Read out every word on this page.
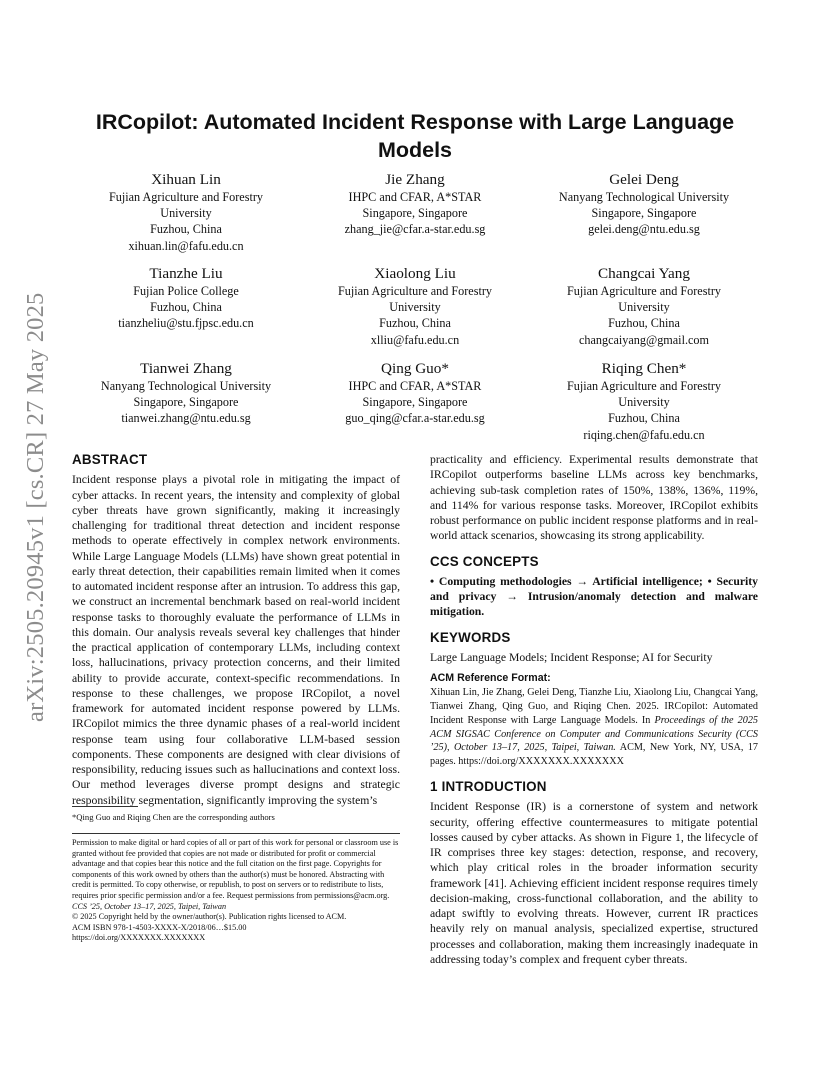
arXiv:2505.20945v1 [cs.CR] 27 May 2025
IRCopilot: Automated Incident Response with Large Language Models
Xihuan Lin
Fujian Agriculture and Forestry
University
Fuzhou, China
xihuan.lin@fafu.edu.cn
Jie Zhang
IHPC and CFAR, A*STAR
Singapore, Singapore
zhang_jie@cfar.a-star.edu.sg
Gelei Deng
Nanyang Technological University
Singapore, Singapore
gelei.deng@ntu.edu.sg
Tianzhe Liu
Fujian Police College
Fuzhou, China
tianzheliu@stu.fjpsc.edu.cn
Xiaolong Liu
Fujian Agriculture and Forestry
University
Fuzhou, China
xlliu@fafu.edu.cn
Changcai Yang
Fujian Agriculture and Forestry
University
Fuzhou, China
changcaiyang@gmail.com
Tianwei Zhang
Nanyang Technological University
Singapore, Singapore
tianwei.zhang@ntu.edu.sg
Qing Guo*
IHPC and CFAR, A*STAR
Singapore, Singapore
guo_qing@cfar.a-star.edu.sg
Riqing Chen*
Fujian Agriculture and Forestry
University
Fuzhou, China
riqing.chen@fafu.edu.cn
ABSTRACT

Incident response plays a pivotal role in mitigating the impact of cyber attacks. In recent years, the intensity and complexity of global cyber threats have grown significantly, making it increasingly challenging for traditional threat detection and incident response methods to operate effectively in complex network environments. While Large Language Models (LLMs) have shown great potential in early threat detection, their capabilities remain limited when it comes to automated incident response after an intrusion. To address this gap, we construct an incremental benchmark based on real-world incident response tasks to thoroughly evaluate the performance of LLMs in this domain. Our analysis reveals several key challenges that hinder the practical application of contemporary LLMs, including context loss, hallucinations, privacy protection concerns, and their limited ability to provide accurate, context-specific recommendations. In response to these challenges, we propose IRCopilot, a novel framework for automated incident response powered by LLMs. IRCopilot mimics the three dynamic phases of a real-world incident response team using four collaborative LLM-based session components. These components are designed with clear divisions of responsibility, reducing issues such as hallucinations and context loss. Our method leverages diverse prompt designs and strategic responsibility segmentation, significantly improving the system’s

*Qing Guo and Riqing Chen are the corresponding authors
Permission to make digital or hard copies of all or part of this work for personal or classroom use is granted without fee provided that copies are not made or distributed for profit or commercial advantage and that copies bear this notice and the full citation on the first page. Copyrights for components of this work owned by others than the author(s) must be honored. Abstracting with credit is permitted. To copy otherwise, or republish, to post on servers or to redistribute to lists, requires prior specific permission and/or a fee. Request permissions from permissions@acm.org.
CCS ’25, October 13–17, 2025, Taipei, Taiwan
© 2025 Copyright held by the owner/author(s). Publication rights licensed to ACM.
ACM ISBN 978-1-4503-XXXX-X/2018/06…$15.00
https://doi.org/XXXXXXX.XXXXXXX

practicality and efficiency. Experimental results demonstrate that IRCopilot outperforms baseline LLMs across key benchmarks, achieving sub-task completion rates of 150%, 138%, 136%, 119%, and 114% for various response tasks. Moreover, IRCopilot exhibits robust performance on public incident response platforms and in real-world attack scenarios, showcasing its strong applicability.

CCS CONCEPTS

• Computing methodologies → Artificial intelligence; • Security and privacy → Intrusion/anomaly detection and malware mitigation.

KEYWORDS

Large Language Models; Incident Response; AI for Security

ACM Reference Format:
Xihuan Lin, Jie Zhang, Gelei Deng, Tianzhe Liu, Xiaolong Liu, Changcai Yang, Tianwei Zhang, Qing Guo, and Riqing Chen. 2025. IRCopilot: Automated Incident Response with Large Language Models. In Proceedings of the 2025 ACM SIGSAC Conference on Computer and Communications Security (CCS ’25), October 13–17, 2025, Taipei, Taiwan. ACM, New York, NY, USA, 17 pages. https://doi.org/XXXXXXX.XXXXXXX
1 INTRODUCTION

Incident Response (IR) is a cornerstone of system and network security, offering effective countermeasures to mitigate potential losses caused by cyber attacks. As shown in Figure 1, the lifecycle of IR comprises three key stages: detection, response, and recovery, which play critical roles in the broader information security framework [41]. Achieving efficient incident response requires timely decision-making, cross-functional collaboration, and the ability to adapt swiftly to evolving threats. However, current IR practices heavily rely on manual analysis, specialized expertise, structured processes and collaboration, making them increasingly inadequate in addressing today’s complex and frequent cyber threats.
